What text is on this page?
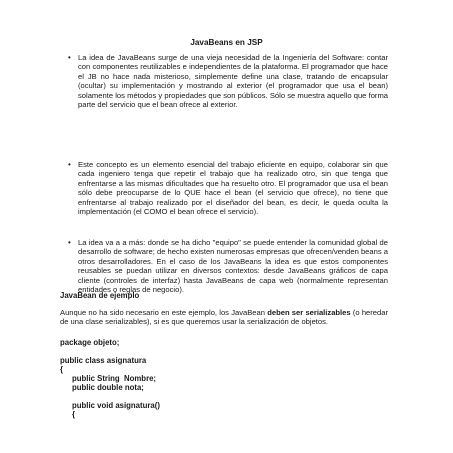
JavaBeans en JSP
• La idea de JavaBeans surge de una vieja necesidad de la Ingeniería del Software: contar con componentes reutilizables e independientes de la plataforma. El programador que hace el JB no hace nada misterioso, simplemente define una clase, tratando de encapsular (ocultar) su implementación y mostrando al exterior (el programador que usa el bean) solamente los métodos y propiedades que son públicos. Sólo se muestra aquello que forma parte del servicio que el bean ofrece al exterior.

• Este concepto es un elemento esencial del trabajo eficiente en equipo, colaborar sin que cada ingeniero tenga que repetir el trabajo que ha realizado otro, sin que tenga que enfrentarse a las mismas dificultades que ha resuelto otro. El programador que usa el bean sólo debe preocuparse de lo QUE hace el bean (el servicio que ofrece), no tiene que enfrentarse al trabajo realizado por el diseñador del bean, es decir, le queda oculta la implementación (el COMO el bean ofrece el servicio).

• La idea va a a más: donde se ha dicho "equipo" se puede entender la comunidad global de desarrollo de software; de hecho existen numerosas empresas que ofrecen/venden beans a otros desarrolladores. En el caso de los JavaBeans la idea es que estos componentes reusables se puedan utilizar en diversos contextos: desde JavaBeans gráficos de capa cliente (controles de interfaz) hasta JavaBeans de capa web (normalmente representan entidades o reglas de negocio).

JavaBean de ejemplo

Aunque no ha sido necesario en este ejemplo, los JavaBean deben ser serializables (o heredar de una clase serializables), si es que queremos usar la serialización de objetos.

package objeto;
public class asignatura
{
public String  Nombre;
public double nota;
public void asignatura()
{
